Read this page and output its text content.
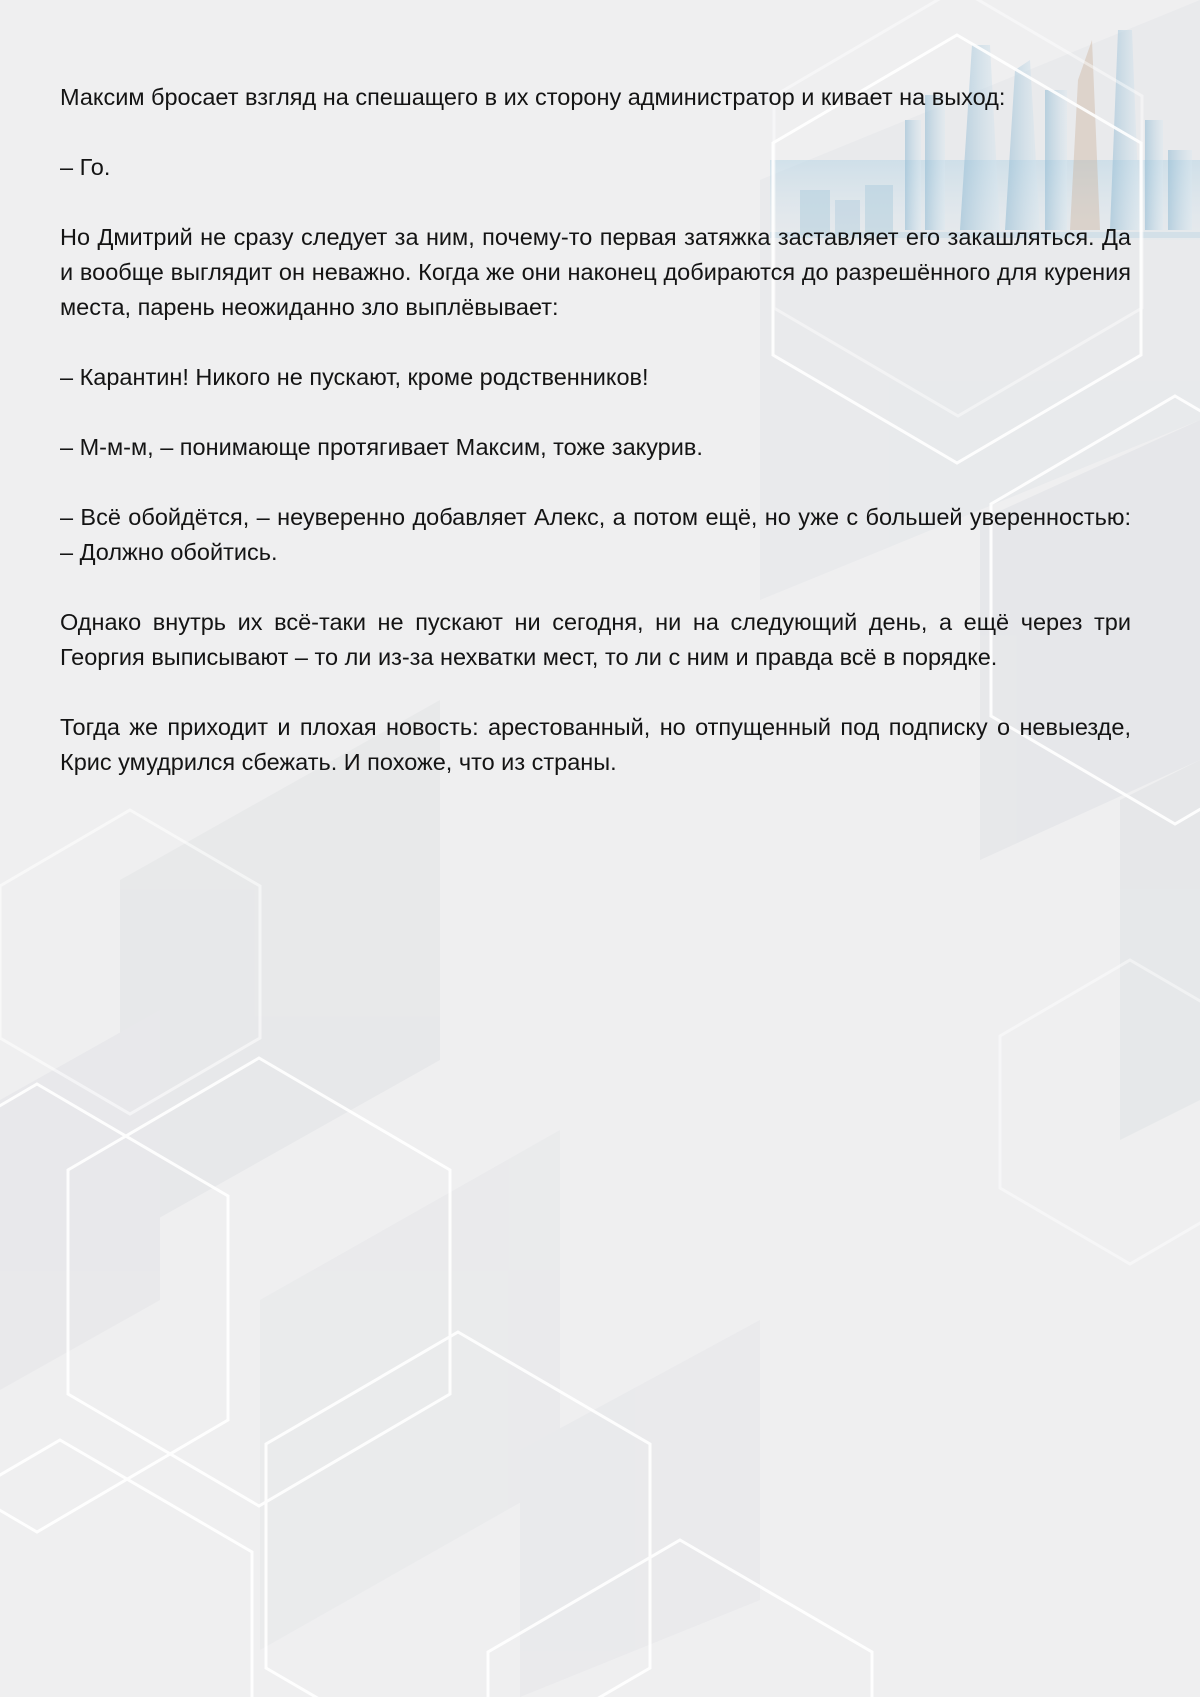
Максим бросает взгляд на спешащего в их сторону администратор и кивает на выход:

– Го.

Но Дмитрий не сразу следует за ним, почему-то первая затяжка заставляет его закашляться. Да и вообще выглядит он неважно. Когда же они наконец добираются до разрешённого для курения места, парень неожиданно зло выплёвывает:

– Карантин! Никого не пускают, кроме родственников!

– М-м-м, – понимающе протягивает Максим, тоже закурив.

– Всё обойдётся, – неуверенно добавляет Алекс, а потом ещё, но уже с большей уверенностью: – Должно обойтись.

Однако внутрь их всё-таки не пускают ни сегодня, ни на следующий день, а ещё через три Георгия выписывают – то ли из-за нехватки мест, то ли с ним и правда всё в порядке.

Тогда же приходит и плохая новость: арестованный, но отпущенный под подписку о невыезде, Крис умудрился сбежать. И похоже, что из страны.
